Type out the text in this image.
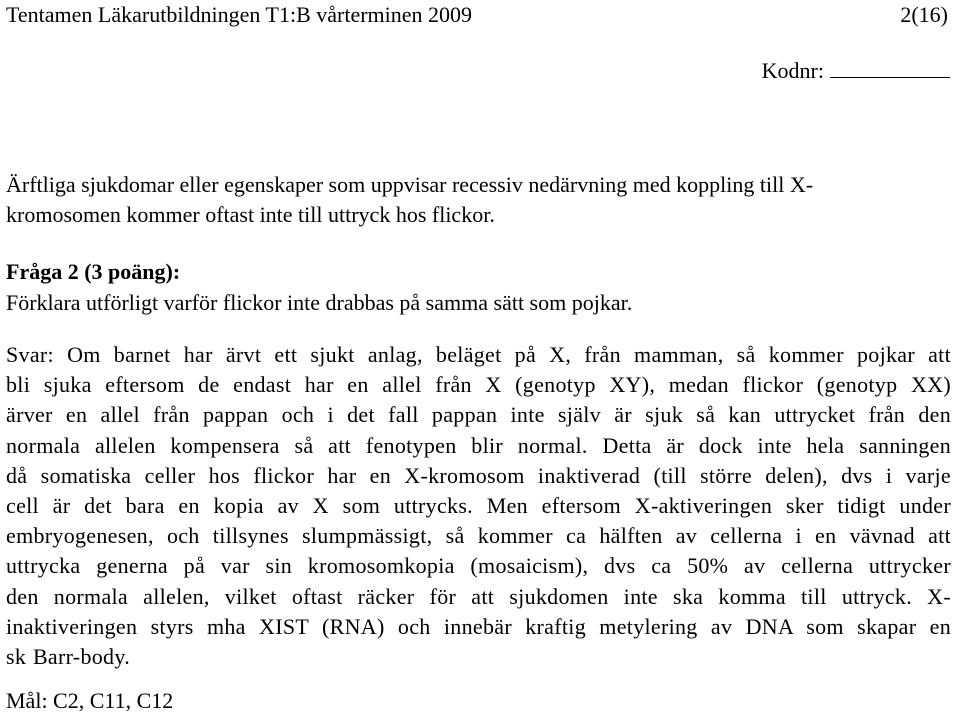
Tentamen Läkarutbildningen T1:B vårterminen 2009	2(16)
Kodnr:
Ärftliga sjukdomar eller egenskaper som uppvisar recessiv nedärvning med koppling till X-
kromosomen kommer oftast inte till uttryck hos flickor.
Fråga 2 (3 poäng):
Förklara utförligt varför flickor inte drabbas på samma sätt som pojkar.
Svar: Om barnet har ärvt ett sjukt anlag, beläget på X, från mamman, så kommer pojkar att
bli sjuka eftersom de endast har en allel från X (genotyp XY), medan flickor (genotyp XX)
ärver en allel från pappan och i det fall pappan inte själv är sjuk så kan uttrycket från den
normala allelen kompensera så att fenotypen blir normal. Detta är dock inte hela sanningen
då somatiska celler hos flickor har en X-kromosom inaktiverad (till större delen), dvs i varje
cell är det bara en kopia av X som uttrycks. Men eftersom X-aktiveringen sker tidigt under
embryogenesen, och tillsynes slumpmässigt, så kommer ca hälften av cellerna i en vävnad att
uttrycka generna på var sin kromosomkopia (mosaicism), dvs ca 50% av cellerna uttrycker
den normala allelen, vilket oftast räcker för att sjukdomen inte ska komma till uttryck. X-
inaktiveringen styrs mha XIST (RNA) och innebär kraftig metylering av DNA som skapar en
sk Barr-body.
Mål: C2, C11, C12
